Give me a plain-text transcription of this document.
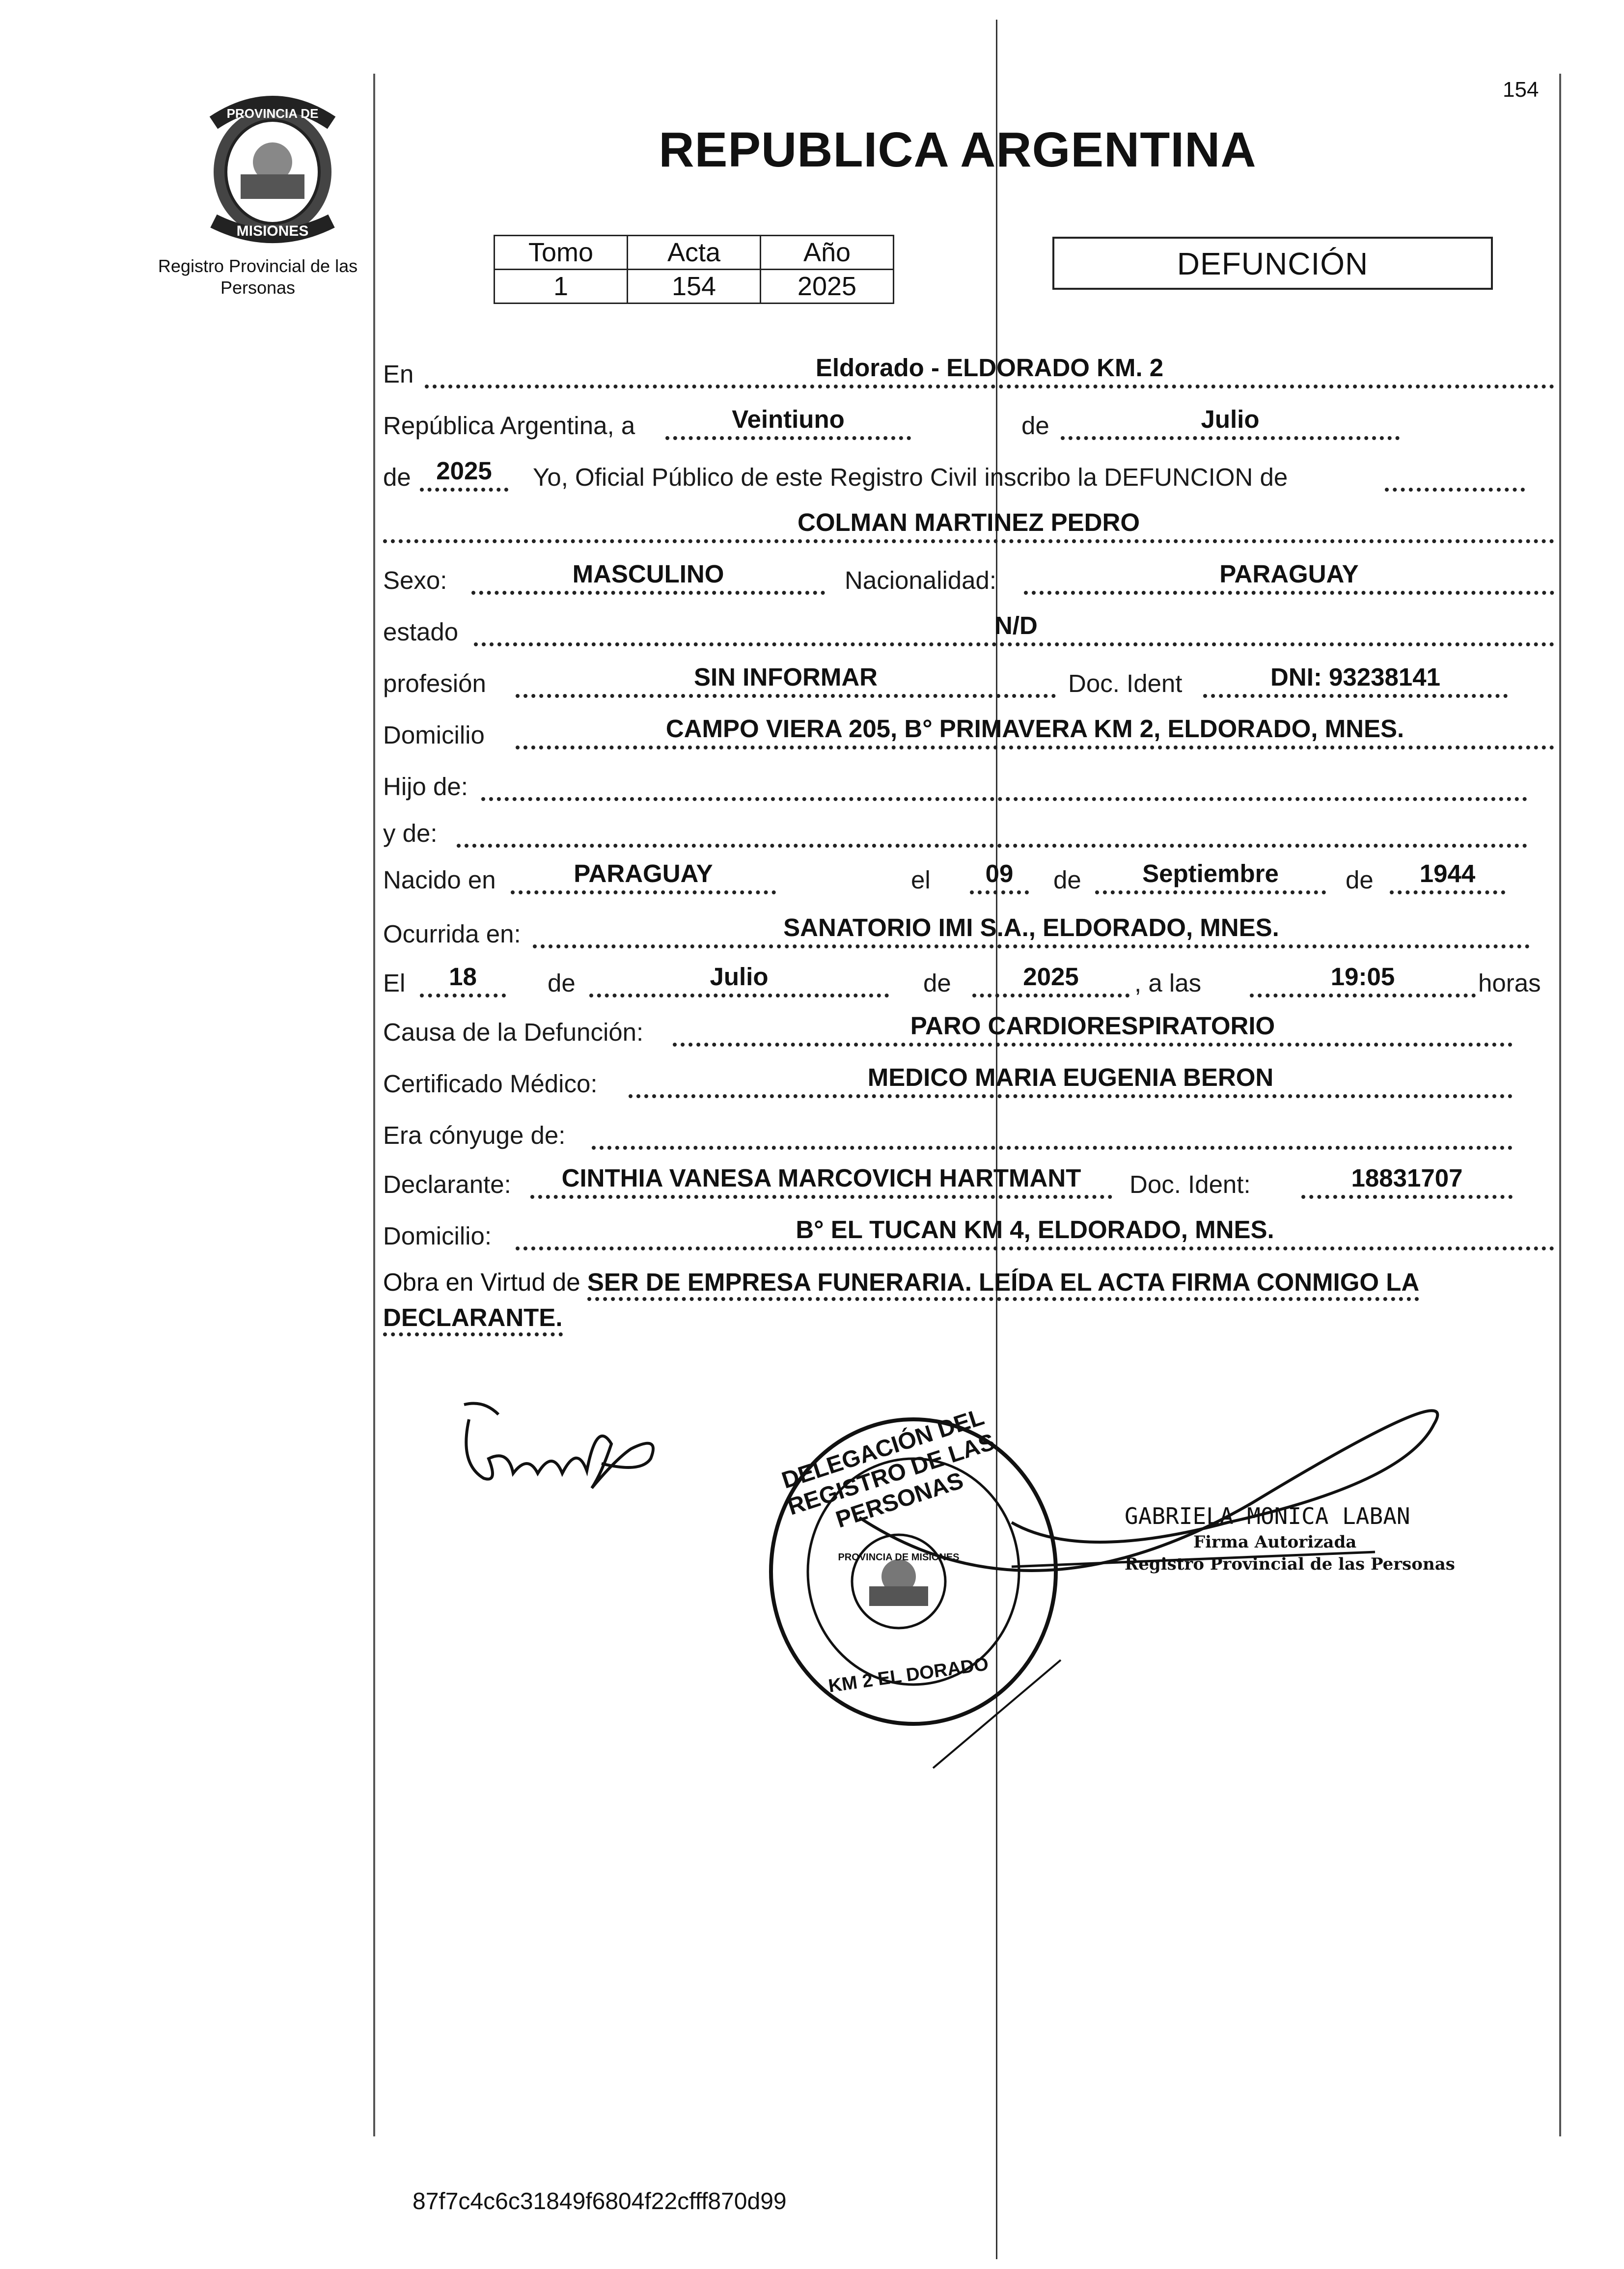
PROVINCIA DE
MISIONES
Registro Provincial de las Personas
154
REPUBLICA ARGENTINA
Tomo	Acta	Año
1	154	2025
DEFUNCIÓN
En	Eldorado - ELDORADO KM. 2
República Argentina, a	Veintiuno	de	Julio
de	2025	Yo, Oficial Público de este Registro Civil inscribo la DEFUNCION de
COLMAN MARTINEZ PEDRO
Sexo:	MASCULINO	Nacionalidad:	PARAGUAY
estado	N/D
profesión	SIN INFORMAR	Doc. Ident	DNI: 93238141
Domicilio	CAMPO VIERA 205, B° PRIMAVERA KM 2, ELDORADO, MNES.
Hijo de:
y de:
Nacido en	PARAGUAY	el	09	de	Septiembre	de	1944
Ocurrida en:	SANATORIO IMI S.A., ELDORADO, MNES.
El	18	de	Julio	de	2025	, a las	19:05	horas
Causa de la Defunción:	PARO CARDIORESPIRATORIO
Certificado Médico:	MEDICO MARIA EUGENIA BERON
Era cónyuge de:
Declarante:	CINTHIA VANESA MARCOVICH HARTMANT	Doc. Ident:	18831707
Domicilio:	B° EL TUCAN KM 4, ELDORADO, MNES.
Obra en Virtud de SER DE EMPRESA FUNERARIA. LEÍDA EL ACTA FIRMA CONMIGO LA
DECLARANTE.
DELEGACIÓN DEL REGISTRO DE LAS PERSONAS
KM 2 EL DORADO
PROVINCIA DE MISIONES
GABRIELA MONICA LABAN
Firma Autorizada
Registro Provincial de las Personas
87f7c4c6c31849f6804f22cfff870d99
